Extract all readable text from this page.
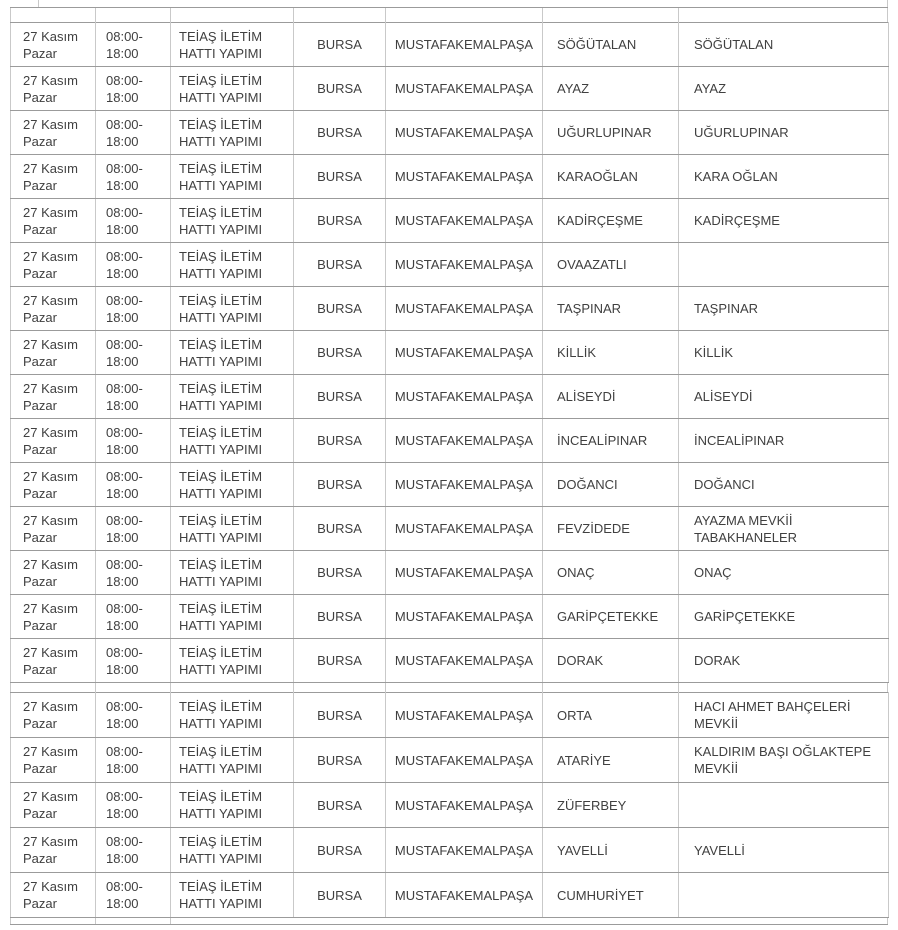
27 Kasım Pazar	08:00-18:00	TEİAŞ İLETİM HATTI YAPIMI	BURSA	MUSTAFAKEMALPAŞA	SÖĞÜTALAN	SÖĞÜTALAN
27 Kasım Pazar	08:00-18:00	TEİAŞ İLETİM HATTI YAPIMI	BURSA	MUSTAFAKEMALPAŞA	AYAZ	AYAZ
27 Kasım Pazar	08:00-18:00	TEİAŞ İLETİM HATTI YAPIMI	BURSA	MUSTAFAKEMALPAŞA	UĞURLUPINAR	UĞURLUPINAR
27 Kasım Pazar	08:00-18:00	TEİAŞ İLETİM HATTI YAPIMI	BURSA	MUSTAFAKEMALPAŞA	KARAOĞLAN	KARA OĞLAN
27 Kasım Pazar	08:00-18:00	TEİAŞ İLETİM HATTI YAPIMI	BURSA	MUSTAFAKEMALPAŞA	KADİRÇEŞME	KADİRÇEŞME
27 Kasım Pazar	08:00-18:00	TEİAŞ İLETİM HATTI YAPIMI	BURSA	MUSTAFAKEMALPAŞA	OVAAZATLI	
27 Kasım Pazar	08:00-18:00	TEİAŞ İLETİM HATTI YAPIMI	BURSA	MUSTAFAKEMALPAŞA	TAŞPINAR	TAŞPINAR
27 Kasım Pazar	08:00-18:00	TEİAŞ İLETİM HATTI YAPIMI	BURSA	MUSTAFAKEMALPAŞA	KİLLİK	KİLLİK
27 Kasım Pazar	08:00-18:00	TEİAŞ İLETİM HATTI YAPIMI	BURSA	MUSTAFAKEMALPAŞA	ALİSEYDİ	ALİSEYDİ
27 Kasım Pazar	08:00-18:00	TEİAŞ İLETİM HATTI YAPIMI	BURSA	MUSTAFAKEMALPAŞA	İNCEALİPINAR	İNCEALİPINAR
27 Kasım Pazar	08:00-18:00	TEİAŞ İLETİM HATTI YAPIMI	BURSA	MUSTAFAKEMALPAŞA	DOĞANCI	DOĞANCI
27 Kasım Pazar	08:00-18:00	TEİAŞ İLETİM HATTI YAPIMI	BURSA	MUSTAFAKEMALPAŞA	FEVZİDEDE	AYAZMA MEVKİİ TABAKHANELER
27 Kasım Pazar	08:00-18:00	TEİAŞ İLETİM HATTI YAPIMI	BURSA	MUSTAFAKEMALPAŞA	ONAÇ	ONAÇ
27 Kasım Pazar	08:00-18:00	TEİAŞ İLETİM HATTI YAPIMI	BURSA	MUSTAFAKEMALPAŞA	GARİPÇETEKKE	GARİPÇETEKKE
27 Kasım Pazar	08:00-18:00	TEİAŞ İLETİM HATTI YAPIMI	BURSA	MUSTAFAKEMALPAŞA	DORAK	DORAK
27 Kasım Pazar	08:00-18:00	TEİAŞ İLETİM HATTI YAPIMI	BURSA	MUSTAFAKEMALPAŞA	ORTA	HACI AHMET BAHÇELERİ MEVKİİ
27 Kasım Pazar	08:00-18:00	TEİAŞ İLETİM HATTI YAPIMI	BURSA	MUSTAFAKEMALPAŞA	ATARİYE	KALDIRIM BAŞI OĞLAKTEPE MEVKİİ
27 Kasım Pazar	08:00-18:00	TEİAŞ İLETİM HATTI YAPIMI	BURSA	MUSTAFAKEMALPAŞA	ZÜFERBEY	
27 Kasım Pazar	08:00-18:00	TEİAŞ İLETİM HATTI YAPIMI	BURSA	MUSTAFAKEMALPAŞA	YAVELLİ	YAVELLİ
27 Kasım Pazar	08:00-18:00	TEİAŞ İLETİM HATTI YAPIMI	BURSA	MUSTAFAKEMALPAŞA	CUMHURİYET	
